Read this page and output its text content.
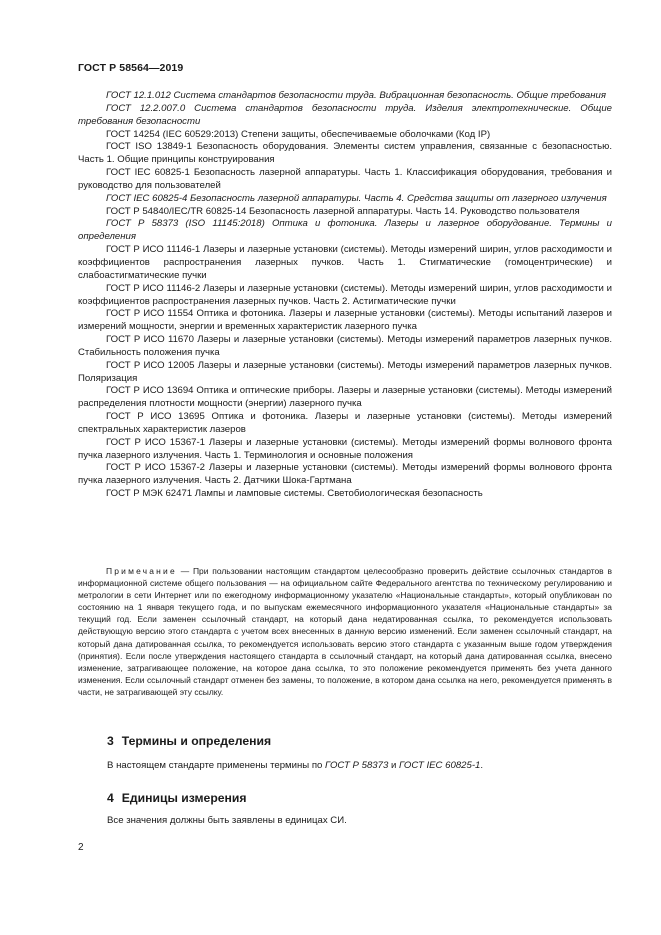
ГОСТ Р 58564—2019

ГОСТ 12.1.012 Система стандартов безопасности труда. Вибрационная безопасность. Общие требования

ГОСТ 12.2.007.0 Система стандартов безопасности труда. Изделия электротехнические. Общие требования безопасности

ГОСТ 14254 (IEC 60529:2013) Степени защиты, обеспечиваемые оболочками (Код IP)

ГОСТ ISO 13849-1 Безопасность оборудования. Элементы систем управления, связанные с безопасностью. Часть 1. Общие принципы конструирования

ГОСТ IEC 60825-1 Безопасность лазерной аппаратуры. Часть 1. Классификация оборудования, требования и руководство для пользователей

ГОСТ IEC 60825-4 Безопасность лазерной аппаратуры. Часть 4. Средства защиты от лазерного излучения

ГОСТ Р 54840/IEC/TR 60825-14 Безопасность лазерной аппаратуры. Часть 14. Руководство пользователя

ГОСТ Р 58373 (ISO 11145:2018) Оптика и фотоника. Лазеры и лазерное оборудование. Термины и определения

ГОСТ Р ИСО 11146-1 Лазеры и лазерные установки (системы). Методы измерений ширин, углов расходимости и коэффициентов распространения лазерных пучков. Часть 1. Стигматические (гомоцентрические) и слабоастигматические пучки

ГОСТ Р ИСО 11146-2 Лазеры и лазерные установки (системы). Методы измерений ширин, углов расходимости и коэффициентов распространения лазерных пучков. Часть 2. Астигматические пучки

ГОСТ Р ИСО 11554 Оптика и фотоника. Лазеры и лазерные установки (системы). Методы испытаний лазеров и измерений мощности, энергии и временных характеристик лазерного пучка

ГОСТ Р ИСО 11670 Лазеры и лазерные установки (системы). Методы измерений параметров лазерных пучков. Стабильность положения пучка

ГОСТ Р ИСО 12005 Лазеры и лазерные установки (системы). Методы измерений параметров лазерных пучков. Поляризация

ГОСТ Р ИСО 13694 Оптика и оптические приборы. Лазеры и лазерные установки (системы). Методы измерений распределения плотности мощности (энергии) лазерного пучка

ГОСТ Р ИСО 13695 Оптика и фотоника. Лазеры и лазерные установки (системы). Методы измерений спектральных характеристик лазеров

ГОСТ Р ИСО 15367-1 Лазеры и лазерные установки (системы). Методы измерений формы волнового фронта пучка лазерного излучения. Часть 1. Терминология и основные положения

ГОСТ Р ИСО 15367-2 Лазеры и лазерные установки (системы). Методы измерений формы волнового фронта пучка лазерного излучения. Часть 2. Датчики Шока-Гартмана

ГОСТ Р МЭК 62471 Лампы и ламповые системы. Светобиологическая безопасность

Примечание — При пользовании настоящим стандартом целесообразно проверить действие ссылочных стандартов в информационной системе общего пользования — на официальном сайте Федерального агентства по техническому регулированию и метрологии в сети Интернет или по ежегодному информационному указателю «Национальные стандарты», который опубликован по состоянию на 1 января текущего года, и по выпускам ежемесячного информационного указателя «Национальные стандарты» за текущий год. Если заменен ссылочный стандарт, на который дана недатированная ссылка, то рекомендуется использовать действующую версию этого стандарта с учетом всех внесенных в данную версию изменений. Если заменен ссылочный стандарт, на который дана датированная ссылка, то рекомендуется использовать версию этого стандарта с указанным выше годом утверждения (принятия). Если после утверждения настоящего стандарта в ссылочный стандарт, на который дана датированная ссылка, внесено изменение, затрагивающее положение, на которое дана ссылка, то это положение рекомендуется применять без учета данного изменения. Если ссылочный стандарт отменен без замены, то положение, в котором дана ссылка на него, рекомендуется применять в части, не затрагивающей эту ссылку.

3 Термины и определения
В настоящем стандарте применены термины по ГОСТ Р 58373 и ГОСТ IEC 60825-1.
4 Единицы измерения
Все значения должны быть заявлены в единицах СИ.
2
